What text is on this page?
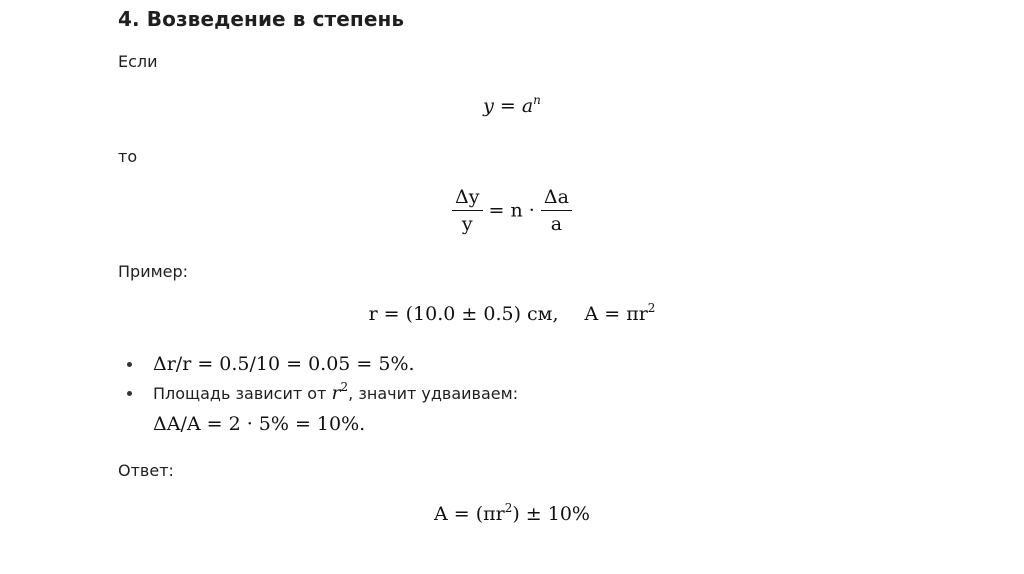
4. Возведение в степень
Если
$y = a^n$
то
$\frac{\Delta y}{y} = n \cdot \frac{\Delta a}{a}$
Пример:
r = (10.0 ± 0.5) см, $A = \pi r^2$
Δr/r = 0.5/10 = 0.05 = 5%.
Площадь зависит от $r^2$, значит удваиваем:
ΔA/A = 2 · 5% = 10%.
Ответ:
$A = (\pi r^2) \pm 10\%$
